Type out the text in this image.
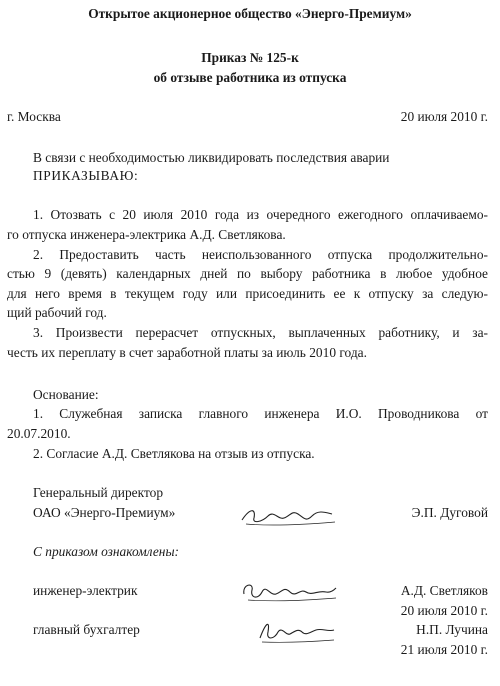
Открытое акционерное общество «Энерго-Премиум»
Приказ № 125-к
об отзыве работника из отпуска
г. Москва	20 июля 2010 г.
В связи с необходимостью ликвидировать последствия аварии
ПРИКАЗЫВАЮ:
1. Отозвать с 20 июля 2010 года из очередного ежегодного оплачиваемо-
го отпуска инженера-электрика А.Д. Светлякова.
2. Предоставить часть неиспользованного отпуска продолжительно-
стью 9 (девять) календарных дней по выбору работника в любое удобное
для него время в текущем году или присоединить ее к отпуску за следую-
щий рабочий год.
3. Произвести перерасчет отпускных, выплаченных работнику, и за-
честь их переплату в счет заработной платы за июль 2010 года.
Основание:
1. Служебная записка главного инженера И.О. Проводникова от
20.07.2010.
2. Согласие А.Д. Светлякова на отзыв из отпуска.
Генеральный директор
ОАО «Энерго-Премиум»	Э.П. Дуговой
С приказом ознакомлены:
инженер-электрик	А.Д. Светляков
20 июля 2010 г.
главный бухгалтер	Н.П. Лучина
21 июля 2010 г.
